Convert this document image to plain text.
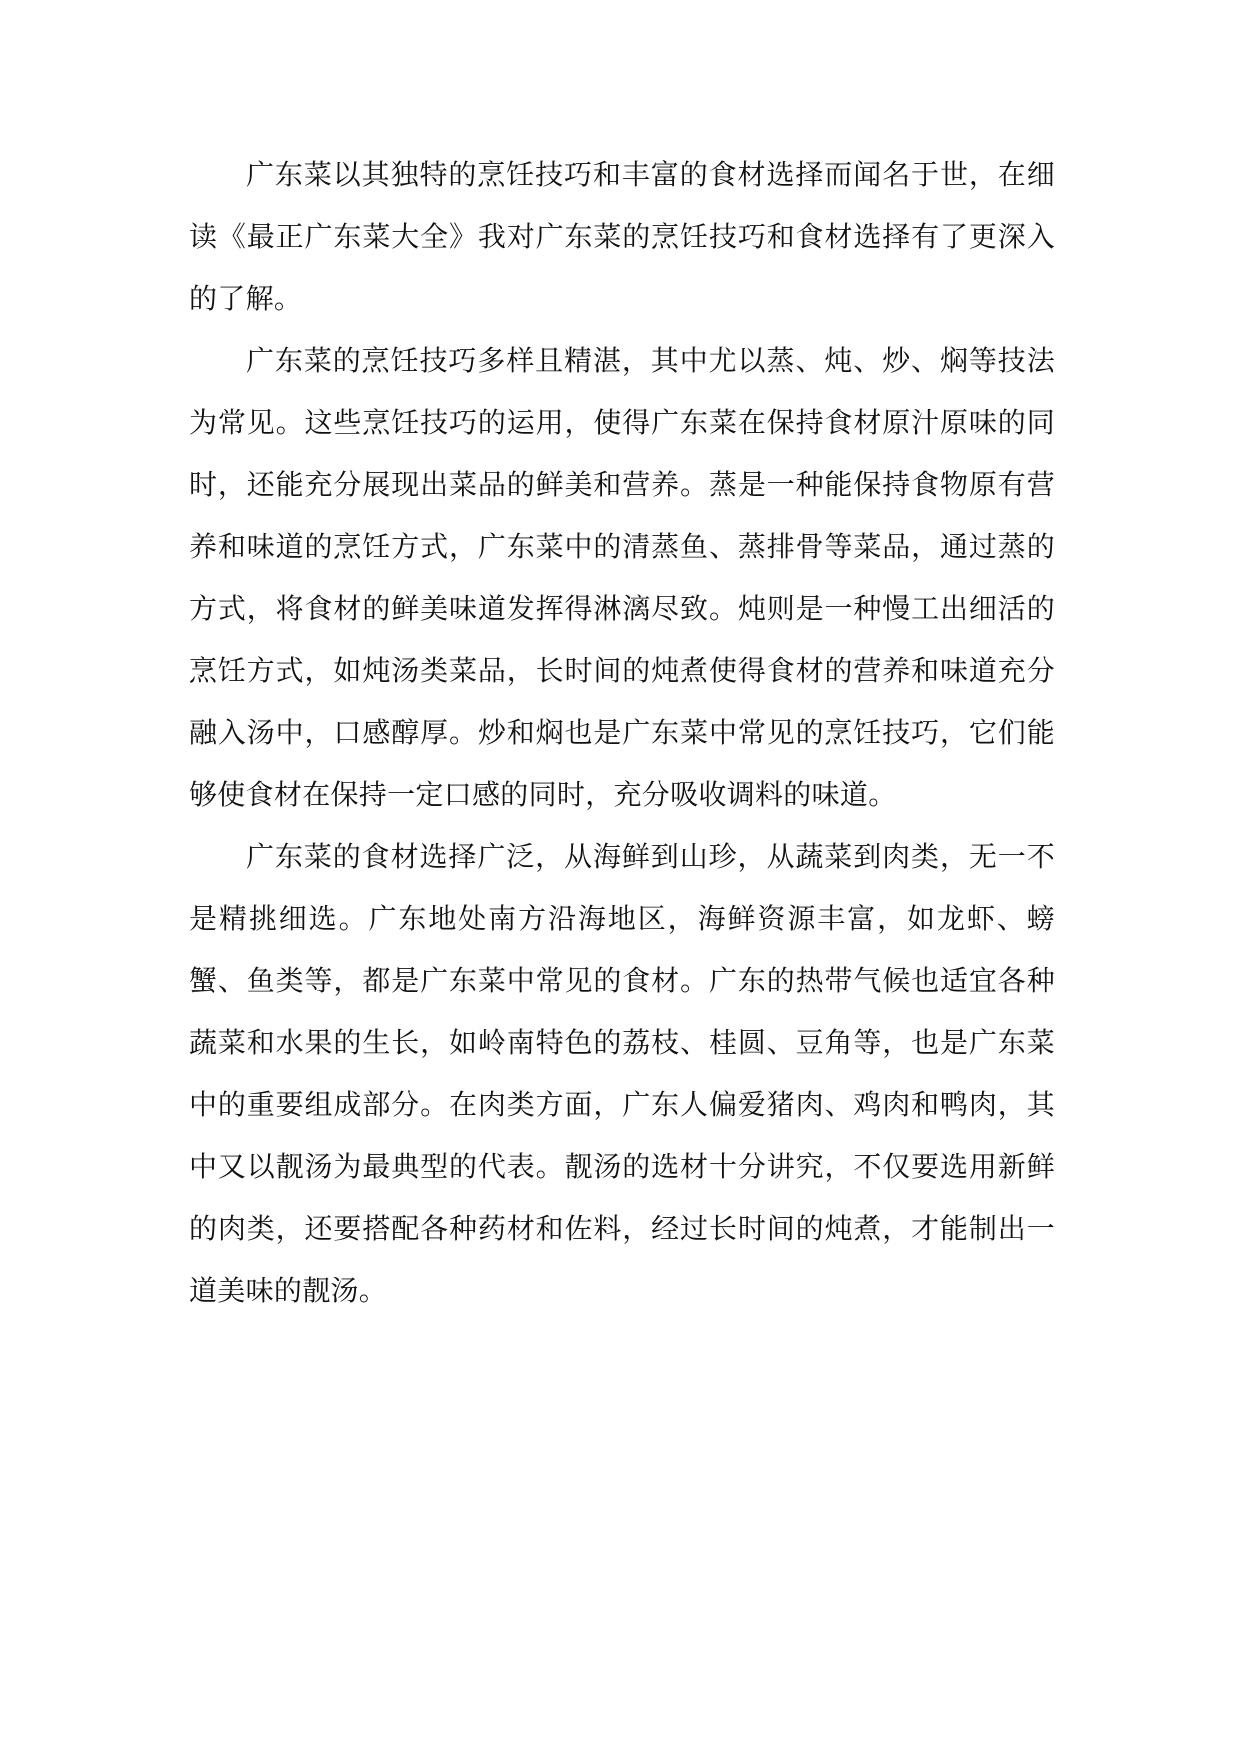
广东菜以其独特的烹饪技巧和丰富的食材选择而闻名于世，在细读《最正广东菜大全》我对广东菜的烹饪技巧和食材选择有了更深入的了解。

广东菜的烹饪技巧多样且精湛，其中尤以蒸、炖、炒、焖等技法为常见。这些烹饪技巧的运用，使得广东菜在保持食材原汁原味的同时，还能充分展现出菜品的鲜美和营养。蒸是一种能保持食物原有营养和味道的烹饪方式，广东菜中的清蒸鱼、蒸排骨等菜品，通过蒸的方式，将食材的鲜美味道发挥得淋漓尽致。炖则是一种慢工出细活的烹饪方式，如炖汤类菜品，长时间的炖煮使得食材的营养和味道充分融入汤中，口感醇厚。炒和焖也是广东菜中常见的烹饪技巧，它们能够使食材在保持一定口感的同时，充分吸收调料的味道。

广东菜的食材选择广泛，从海鲜到山珍，从蔬菜到肉类，无一不是精挑细选。广东地处南方沿海地区，海鲜资源丰富，如龙虾、螃蟹、鱼类等，都是广东菜中常见的食材。广东的热带气候也适宜各种蔬菜和水果的生长，如岭南特色的荔枝、桂圆、豆角等，也是广东菜中的重要组成部分。在肉类方面，广东人偏爱猪肉、鸡肉和鸭肉，其中又以靓汤为最典型的代表。靓汤的选材十分讲究，不仅要选用新鲜的肉类，还要搭配各种药材和佐料，经过长时间的炖煮，才能制出一道美味的靓汤。
